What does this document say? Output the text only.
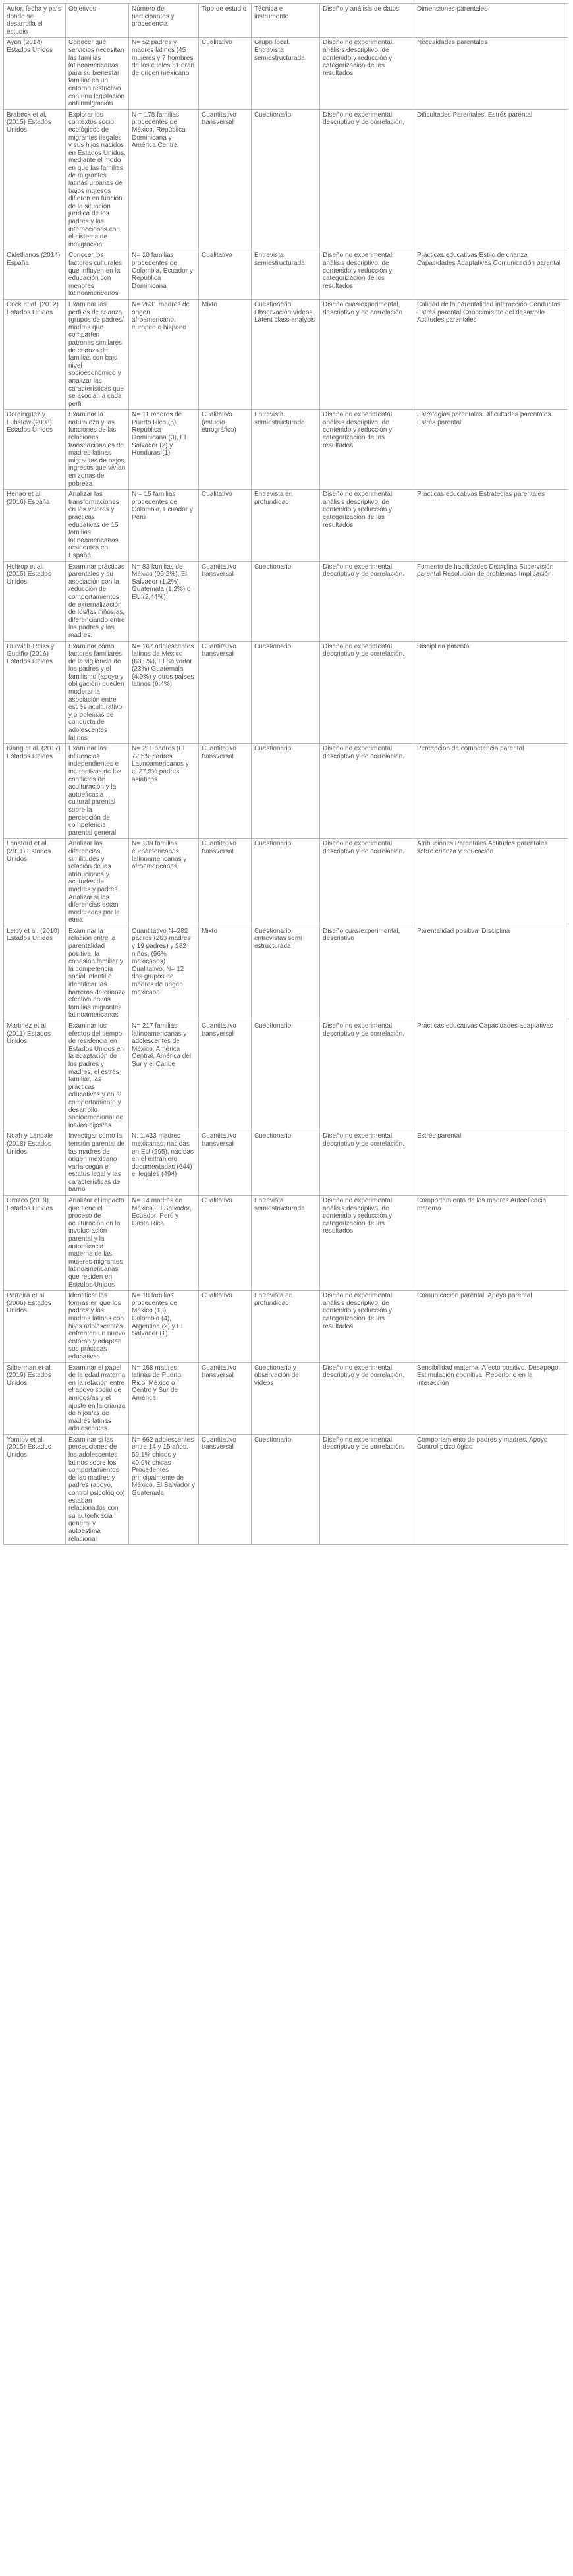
Autor, fecha y país donde se desarrolla el estudio	Objetivos	Número de participantes y procedencia	Tipo de estudio	Técnica e instrumento	Diseño y análisis de datos	Dimensiones parentales
Ayon (2014) Estados Unidos	Conocer qué servicios necesitan las familias latinoamericanas para su bienestar familiar en un entorno restrictivo con una legislación antiinmigración	N= 52 padres y madres latinos (45 mujeres y 7 hombres de los cuales 51 eran de origen mexicano	Cualitativo	Grupo focal. Entrevista semiestructurada	Diseño no experimental, análisis descriptivo, de contenido y reducción y categorización de los resultados	Necesidades parentales
Brabeck et al. (2015) Estados Unidos	Explorar los contextos socio ecológicos de migrantes ilegales y sus hijos nacidos en Estados Unidos, mediante el modo en que las familias de migrantes latinas urbanas de bajos ingresos difieren en función de la situación jurídica de los padres y las interacciones con el sistema de inmigración.	N = 178 familias procedentes de México, República Dominicana y América Central	Cuantitativo transversal	Cuestionario	Diseño no experimental, descriptivo y de correlación.	Dificultades Parentales. Estrés parental
Cidetllanos (2014) España	Conocer los factores culturales que influyen en la educación con menores latinoamericanos	N= 10 familias procedentes de Colombia, Ecuador y República Dominicana	Cualitativo	Entrevista semiestructurada	Diseño no experimental, análisis descriptivo, de contenido y reducción y categorización de los resultados	Prácticas educativas Estilo de crianza Capacidades Adaptativas Comunicación parental
Cock et al. (2012) Estados Unidos	Examinar los perfiles de crianza (grupos de padres/ madres que comparten patrones similares de crianza de familias con bajo nivel socioeconómico y analizar las características que se asocian a cada perfil	N= 2631 madres de origen afroamericano, europeo o hispano	Mixto	Cuestionario. Observación vídeos Latent class analysis	Diseño cuasiexperimental, descriptivo y de correlación	Calidad de la parentalidad interacción Conductas Estrés parental Conocimiento del desarrollo Actitudes parentales
Dorainguez y Lubstow (2008) Estados Unidos	Examinar la naturaleza y las funciones de las relaciones transnacionales de madres latinas migrantes de bajos ingresos que vivían en zonas de pobreza	N= 11 madres de Puerto Rico (5), República Dominicana (3), El Salvador (2) y Honduras (1)	Cualitativo (estudio etnográfico)	Entrevista semiestructurada	Diseño no experimental, análisis descriptivo, de contenido y reducción y categorización de los resultados	Estrategias parentales Dificultades parentales Estrés parental
Henao et al. (2016) España	Analizar las transformaciones en los valores y prácticas educativas de 15 familias latinoamericanas residentes en España	N = 15 familias procedentes de Colombia, Ecuador y Perú	Cualitativo	Entrevista en profundidad	Diseño no experimental, análisis descriptivo, de contenido y reducción y categorización de los resultados	Prácticas educativas Estrategias parentales
Holtrop et al. (2015) Estados Unidos	Examinar prácticas parentales y su asociación con la reducción de comportamientos de externalización de los/las niños/as, diferenciando entre los padres y las madres.	N= 83 familias de México (95,2%), El Salvador (1,2%), Guatemala (1,2%) o EU (2,44%)	Cuantitativo transversal	Cuestionario	Diseño no experimental, descriptivo y de correlación.	Fomento de habilidades Disciplina Supervisión parental Resolución de problemas Implicación
Hurwich-Reiss y Gudiño (2016) Estados Unidos	Examinar cómo factores familiares de la vigilancia de los padres y el familismo (apoyo y obligación) pueden moderar la asociación entre estrés aculturativo y problemas de conducta de adolescentes latinos	N= 167 adolescentes latinos de México (63,3%), El Salvador (23%) Guatemala (4,9%) y otros países latinos (6,4%)	Cuantitativo transversal	Cuestionario	Diseño no experimental, descriptivo y de correlación.	Disciplina parental
Kiang et al. (2017) Estados Unidos	Examinar las influencias independientes e interactivas de los conflictos de aculturación y la autoeficacia cultural parental sobre la percepción de competencia parental general	N= 211 padres (El 72,5% padres Latinoamericanos y el 27,5% padres asiáticos	Cuantitativo transversal	Cuestionario	Diseño no experimental, descriptivo y de correlación.	Percepción de competencia parental
Lansford et al. (2011) Estados Unidos	Analizar las diferencias, similitudes y relación de las atribuciones y actitudes de madres y padres. Analizar si las diferencias están moderadas por la etnia	N= 139 familias euroamericanas, latinoamericanas y afroamericanas	Cuantitativo transversal	Cuestionario	Diseño no experimental, descriptivo y de correlación.	Atribuciones Parentales Actitudes parentales sobre crianza y educación
Leidy et al. (2010) Estados Unidos	Examinar la relación entre la parentalidad positiva, la cohesión familiar y la competencia social infantil e identificar las barreras de crianza efectiva en las familias migrantes latinoamericanas	Cuantitativo N=282 padres (263 madres y 19 padres) y 282 niños, (96% mexicanos) Cualitativo: N= 12 dos grupos de madres de origen mexicano	Mixto	Cuestionario entrevistas semi estructurada	Diseño cuasiexperimental, descriptivo	Parentalidad positiva. Disciplina
Martinez et al. (2011) Estados Unidos	Examinar los efectos del tiempo de residencia en Estados Unidos en la adaptación de los padres y madres, el estrés familiar, las prácticas educativas y en el comportamiento y desarrollo socioemocional de los/las hijos/as	N= 217 familias latinoamericanas y adolescentes de México, América Central, América del Sur y el Caribe	Cuantitativo transversal	Cuestionario	Diseño no experimental, descriptivo y de correlación.	Prácticas educativas Capacidades adaptativas
Noah y Landale (2018) Estados Unidos	Investigar cómo la tensión parental de las madres de origen mexicano varía según el estatus legal y las características del barrio	N: 1.433 madres mexicanas; nacidas en EU (295), nacidas en el extranjero documentadas (644) e ilegales (494)	Cuantitativo transversal	Cuestionario	Diseño no experimental, descriptivo y de correlación.	Estrés parental
Orozco (2018) Estados Unidos	Analizar el impacto que tiene el proceso de aculturación en la involucración parental y la autoeficacia materna de las mujeres migrantes latinoamericanas que residen en Estados Unidos	N= 14 madres de México, El Salvador, Ecuador, Perú y Costa Rica	Cualitativo	Entrevista semiestructurada	Diseño no experimental, análisis descriptivo, de contenido y reducción y categorización de los resultados	Comportamiento de las madres Autoeficacia materna
Perreira et al. (2006) Estados Unidos	Identificar las formas en que los padres y las madres latinas con hijos adolescentes enfrentan un nuevo entorno y adaptan sus prácticas educativas	N= 18 familias procedentes de México (13), Colombia (4), Argentina (2) y El Salvador (1)	Cualitativo	Entrevista en profundidad	Diseño no experimental, análisis descriptivo, de contenido y reducción y categorización de los resultados	Comunicación parental. Apoyo parental
Silberman et al. (2019) Estados Unidos	Examinar el papel de la edad materna en la relación entre el apoyo social de amigos/as y el ajuste en la crianza de hijos/as de madres latinas adolescentes	N= 168 madres latinas de Puerto Rico, México o Centro y Sur de América	Cuantitativo transversal	Cuestionario y observación de vídeos	Diseño no experimental, descriptivo y de correlación.	Sensibilidad materna. Afecto positivo. Desapego. Estimulación cognitiva. Repertorio en la interacción
Yomtov et al. (2015) Estados Unidos	Examinar si las percepciones de los adolescentes latinos sobre los comportamientos de las madres y padres (apoyo, control psicológico) estaban relacionados con su autoeficacia general y autoestima relacional	N= 662 adolescentes entre 14 y 15 años, 59.1% chicos y 40,9% chicas Procedentes principalmente de México, El Salvador y Guatemala	Cuantitativo transversal	Cuestionario	Diseño no experimental, descriptivo y de correlación.	Comportamiento de padres y madres. Apoyo Control psicológico
